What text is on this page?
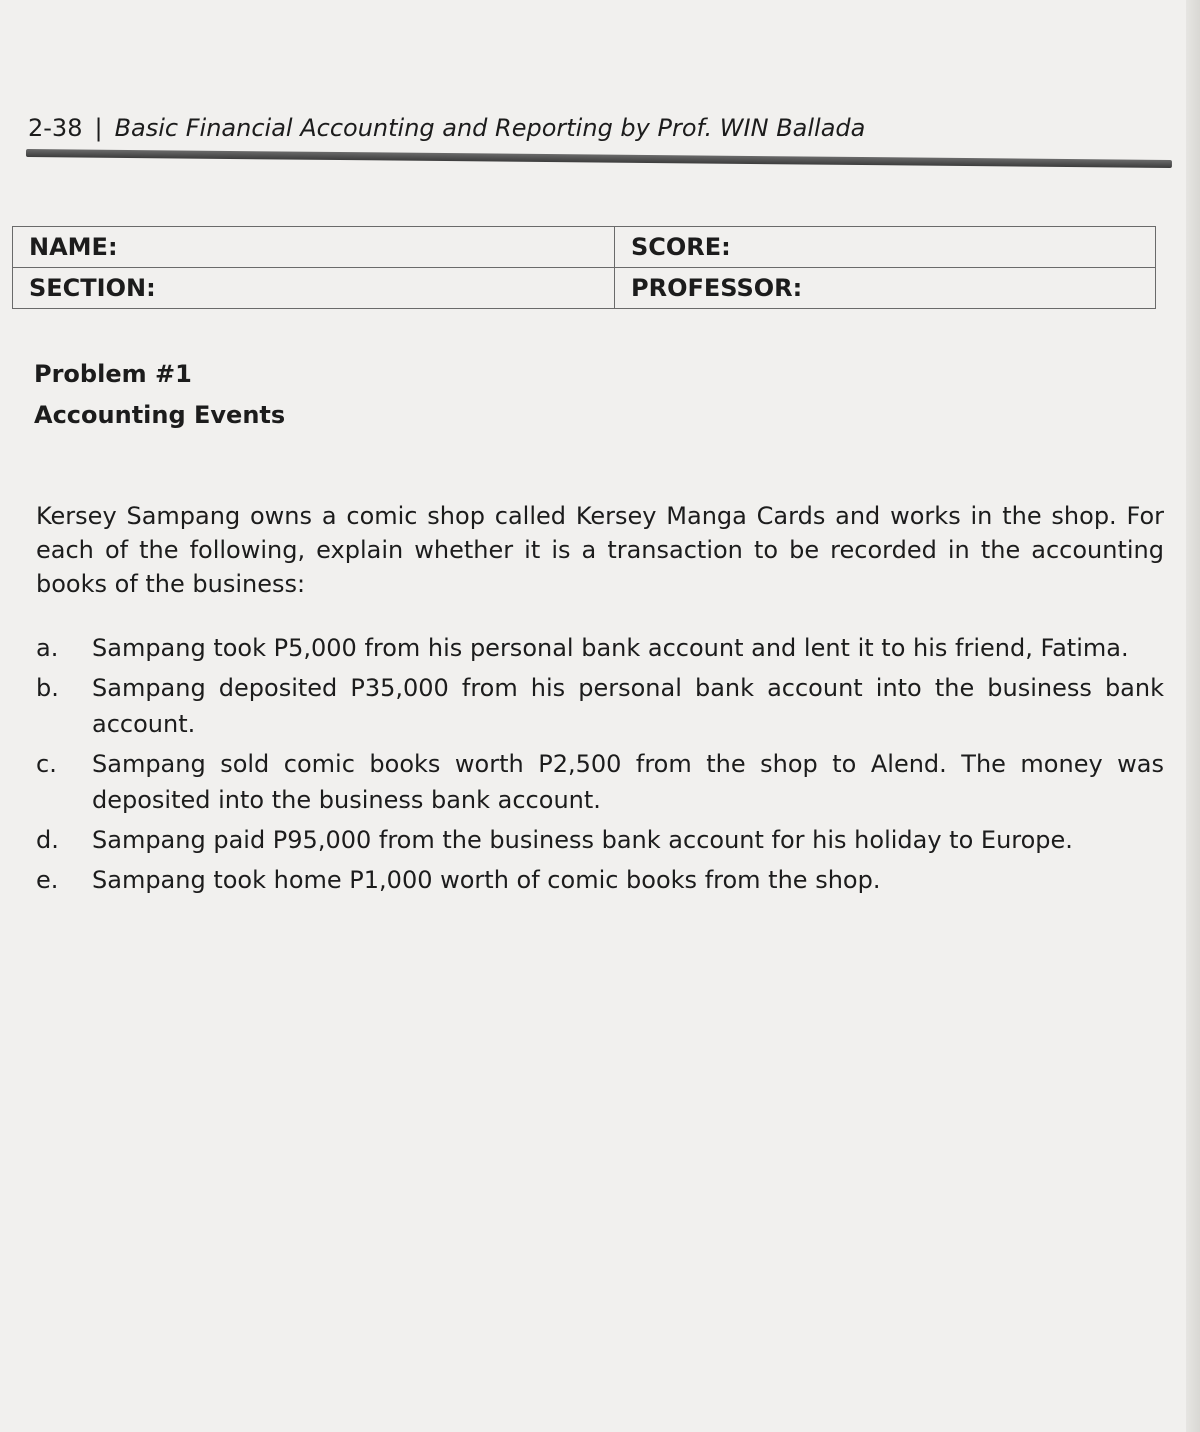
2-38 | Basic Financial Accounting and Reporting by Prof. WIN Ballada
NAME:	SCORE:
SECTION:	PROFESSOR:
Problem #1
Accounting Events

Kersey Sampang owns a comic shop called Kersey Manga Cards and works in the shop. For each of the following, explain whether it is a transaction to be recorded in the accounting books of the business:

a.	Sampang took P5,000 from his personal bank account and lent it to his friend, Fatima.
b.	Sampang deposited P35,000 from his personal bank account into the business bank account.
c.	Sampang sold comic books worth P2,500 from the shop to Alend. The money was deposited into the business bank account.
d.	Sampang paid P95,000 from the business bank account for his holiday to Europe.
e.	Sampang took home P1,000 worth of comic books from the shop.
